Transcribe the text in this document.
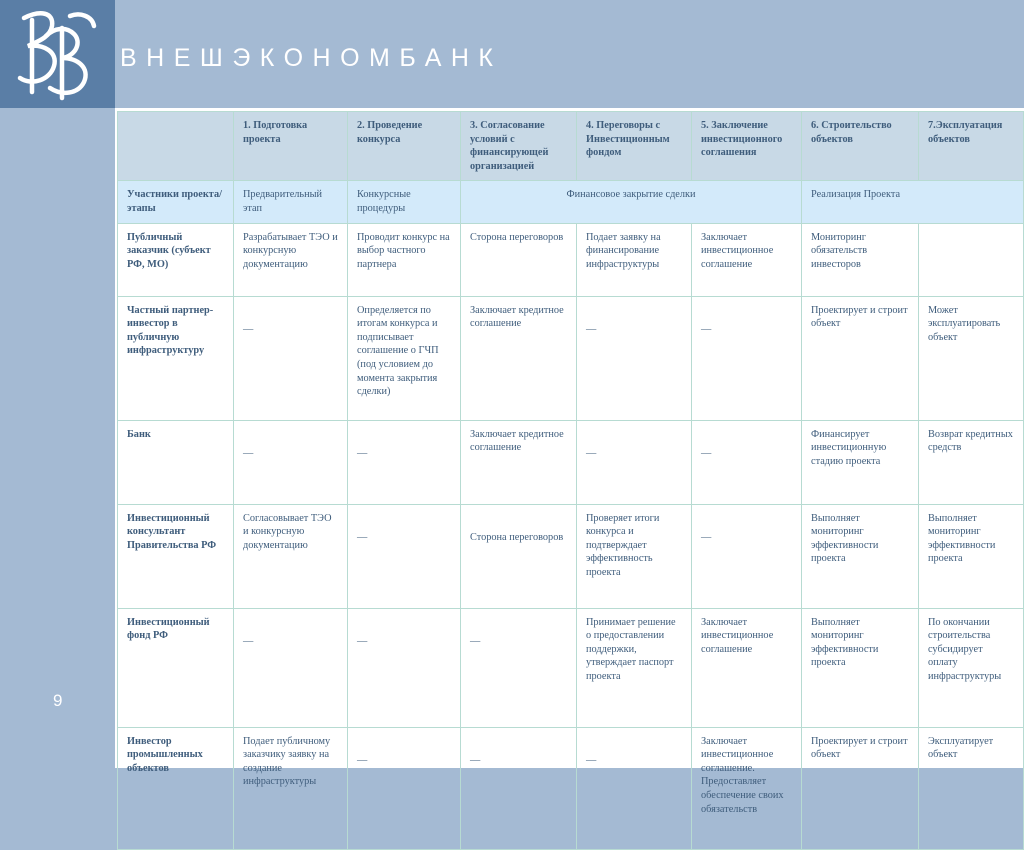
ВНЕШЭКОНОМБАНК
9
	1. Подготовка проекта	2. Проведение конкурса	3. Согласование условий с финансирующей организацией	4. Переговоры с Инвестиционным фондом	5. Заключение инвестиционного соглашения	6. Строительство объектов	7.Эксплуатация объектов
Участники проекта/ этапы	Предварительный этап	Конкурсные процедуры	Финансовое закрытие сделки			Реализация Проекта	
Публичный заказчик (субъект РФ, МО)	Разрабатывает ТЭО и конкурсную документацию	Проводит конкурс на выбор частного партнера	Сторона переговоров	Подает заявку на финансирование инфраструктуры	Заключает инвестиционное соглашение	Мониторинг обязательств инвесторов	
Частный партнер-инвестор в публичную инфраструктуру	—	Определяется по итогам конкурса и подписывает соглашение о ГЧП (под условием до момента закрытия сделки)	Заключает кредитное соглашение	—	—	Проектирует и строит объект	Может эксплуатировать объект
Банк	—	—	Заключает кредитное соглашение	—	—	Финансирует инвестиционную стадию проекта	Возврат кредитных средств
Инвестиционный консультант Правительства РФ	Согласовывает ТЭО и конкурсную документацию	—	Сторона переговоров	Проверяет итоги конкурса и подтверждает эффективность проекта	—	Выполняет мониторинг эффективности проекта	Выполняет мониторинг эффективности проекта
Инвестиционный фонд РФ	—	—	—	Принимает решение о предоставлении поддержки, утверждает паспорт проекта	Заключает инвестиционное соглашение	Выполняет мониторинг эффективности проекта	По окончании строительства субсидирует оплату инфраструктуры
Инвестор промышленных объектов	Подает публичному заказчику заявку на создание инфраструктуры	—	—	—	Заключает инвестиционное соглашение. Предоставляет обеспечение своих обязательств	Проектирует и строит объект	Эксплуатирует объект
